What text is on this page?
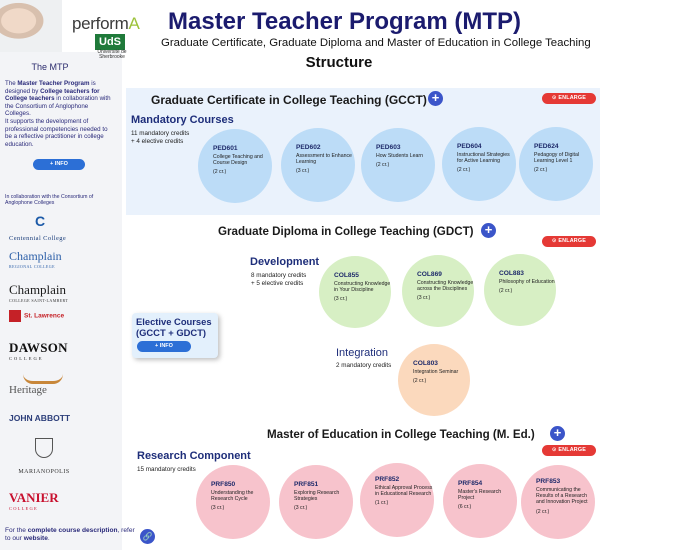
performA
UdS
Université de Sherbrooke
The MTP
The Master Teacher Program is designed by College teachers for College teachers in collaboration with the Consortium of Anglophone Colleges.
It supports the development of professional competencies needed to be a reflective practitioner in college education.
+ INFO
In collaboration with the Consortium of Anglophone Colleges
C
Centennial College
Champlain
REGIONAL COLLEGE
Champlain
COLLEGE SAINT-LAMBERT
St. Lawrence
DAWSON
COLLEGE
Heritage
JOHN ABBOTT
MARIANOPOLIS
VANIER
COLLEGE
For the complete course description, refer to our website.	🔗
Master Teacher Program (MTP)
Graduate Certificate, Graduate Diploma and Master of Education in College Teaching
Structure
Graduate Certificate in College Teaching (GCCT) +	⊙ ENLARGE
Mandatory Courses
11 mandatory credits
+ 4 elective credits
PED601
College Teaching and Course Design
(2 cr.)
PED602
Assessment to Enhance Learning
(3 cr.)
PED603
How Students Learn
(2 cr.)
PED604
Instructional Strategies for Active Learning
(2 cr.)
PED624
Pedagogy of Digital Learning Level 1
(2 cr.)
Graduate Diploma in College Teaching (GDCT) +
⊙ ENLARGE
Development
8 mandatory credits
+ 5 elective credits
COL855
Constructing Knowledge in Your Discipline
(3 cr.)
COL869
Constructing Knowledge across the Disciplines
(3 cr.)
COL883
Philosophy of Education
(2 cr.)
Elective Courses
(GCCT + GDCT)
+ INFO
Integration
2 mandatory credits	COL803
Integration Seminar
(2 cr.)
Master of Education in College Teaching (M. Ed.) +
⊙ ENLARGE
Research Component
15 mandatory credits
PRF850
Understanding the Research Cycle
(3 cr.)
PRF851
Exploring Research Strategies
(3 cr.)
PRF852
Ethical Approval Process in Educational Research
(1 cr.)
PRF854
Master's Research Project
(6 cr.)
PRF853
Communicating the Results of a Research and Innovation Project
(2 cr.)
